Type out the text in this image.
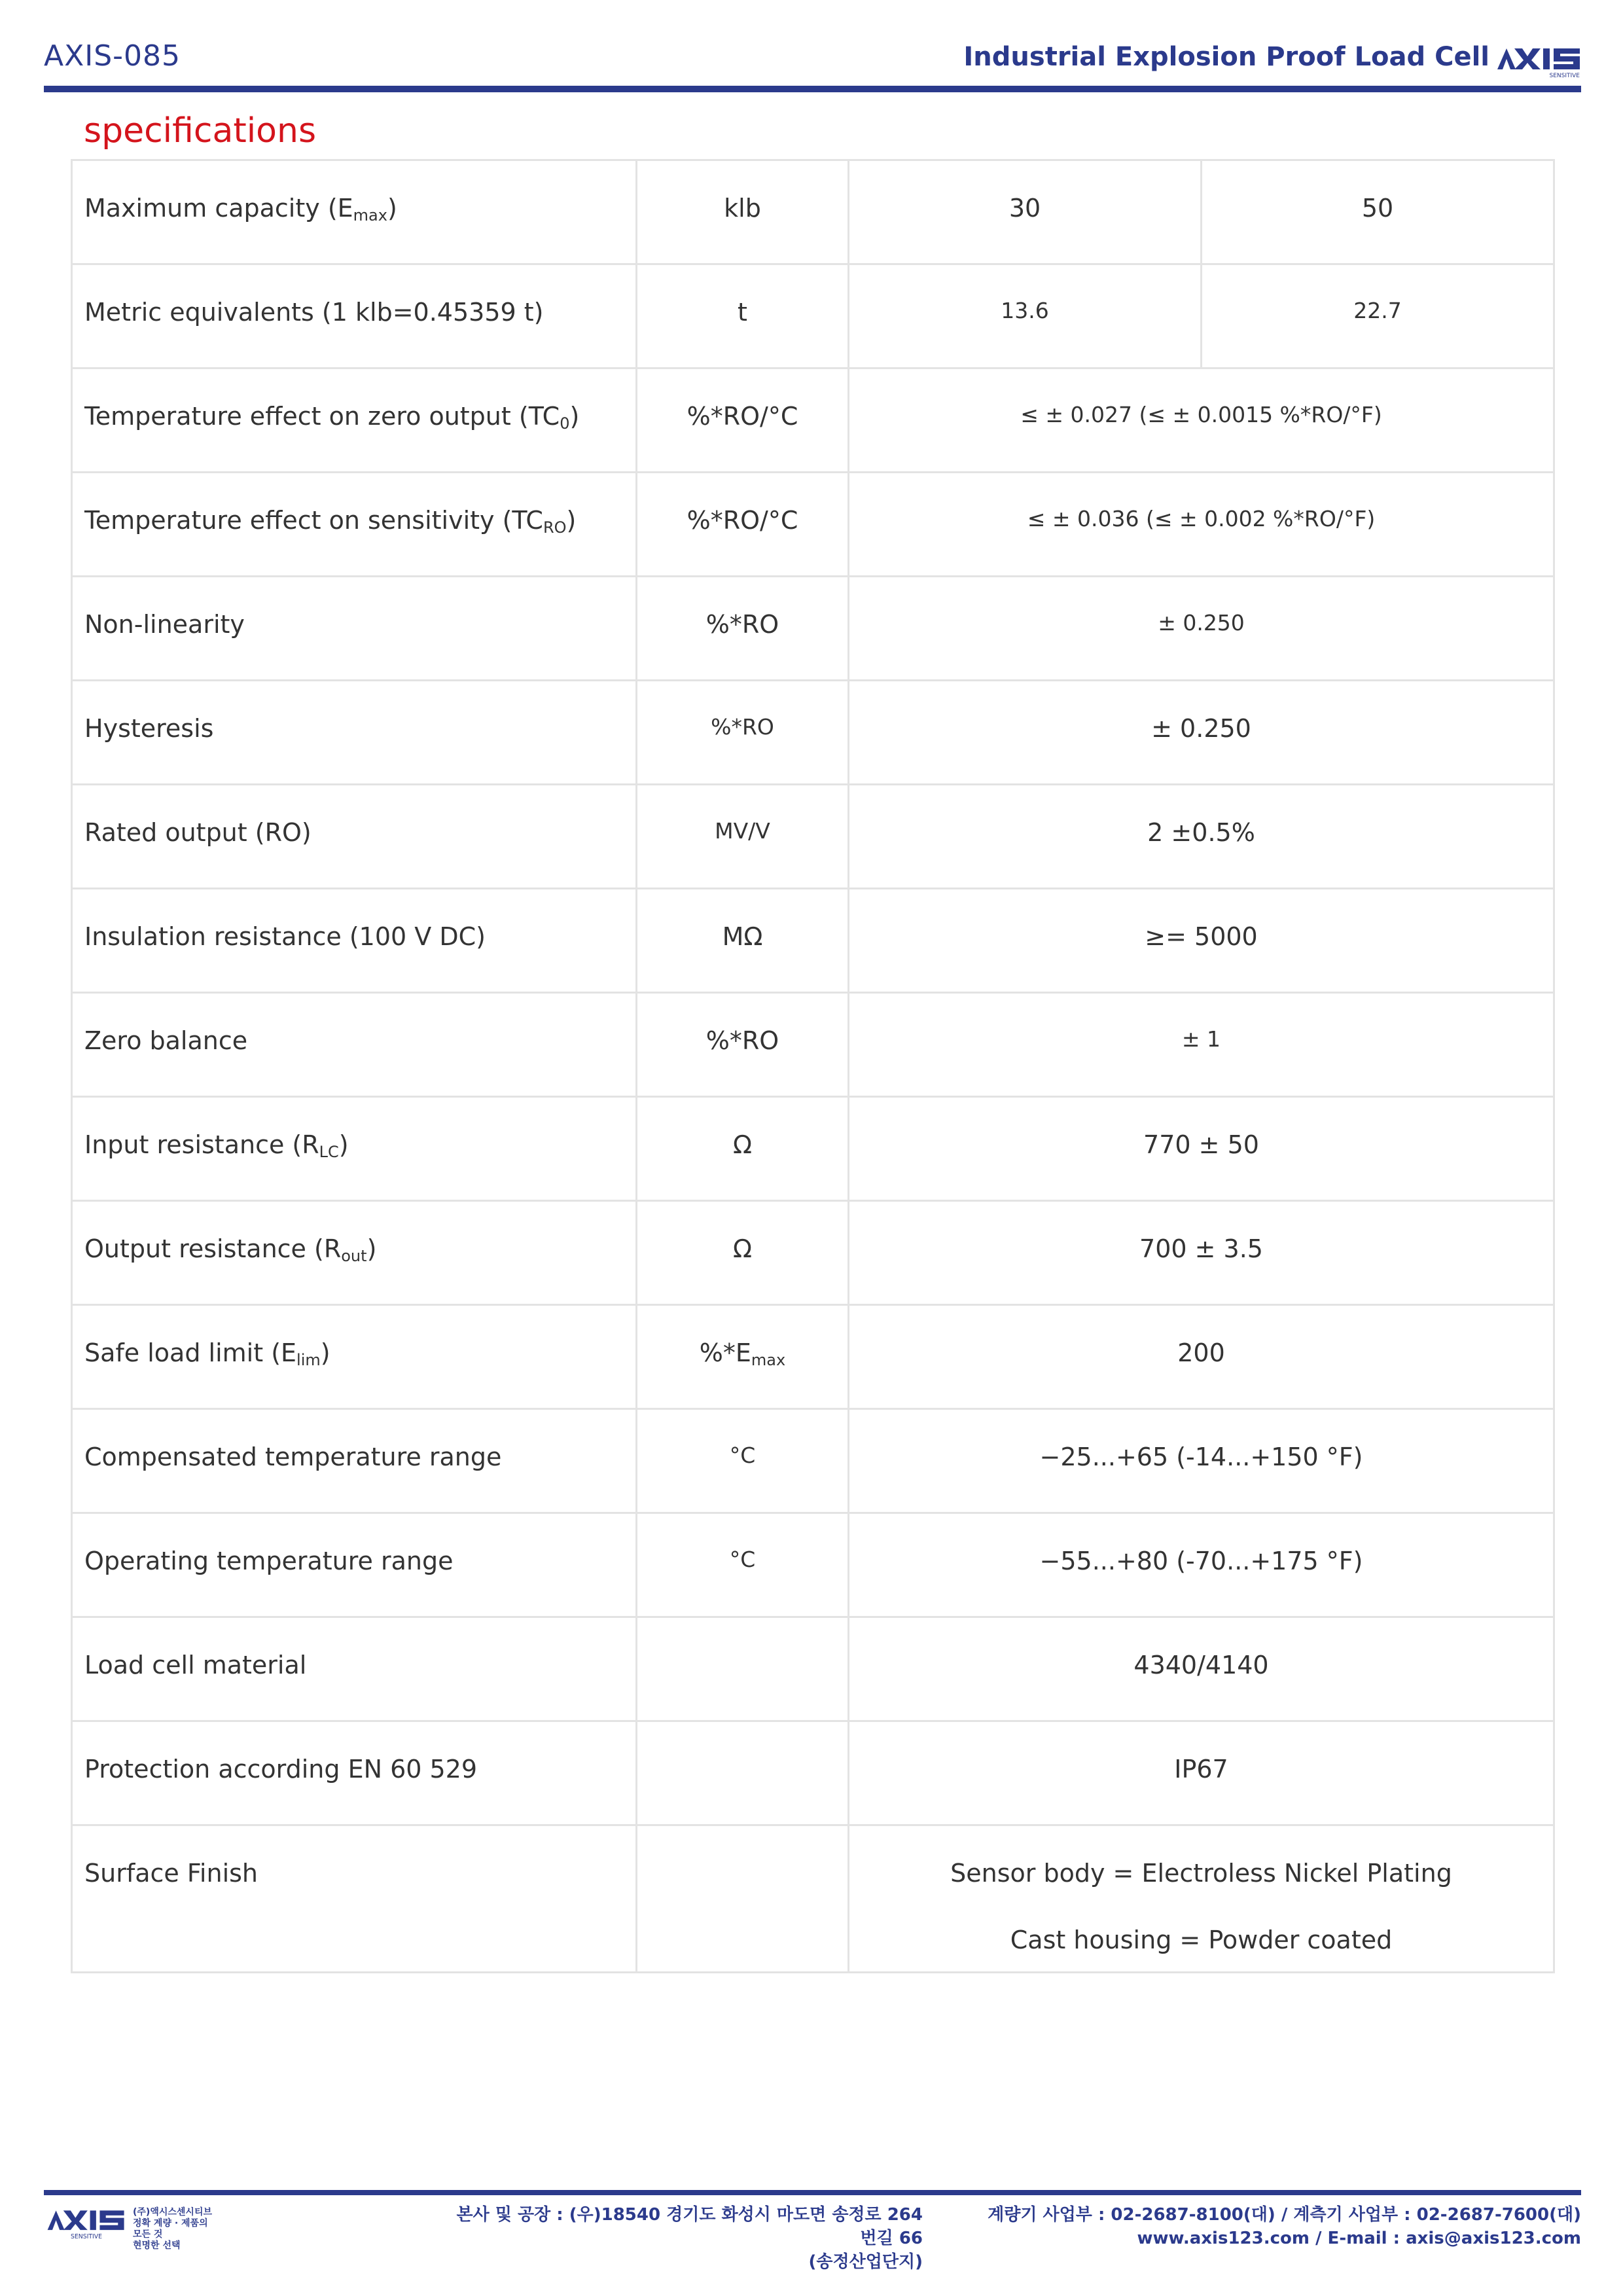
AXIS-085	Industrial Explosion Proof Load Cell
SENSITIVE
specifications
Maximum capacity $(E_{max})$	klb	30	50

Metric equivalents (1 klb=0.45359 t)	t	13.6	22.7

Temperature effect on zero output $(TC_0)$	%*RO/°C	≤ ± 0.027 (≤ ± 0.0015 %*RO/°F)	

Temperature effect on sensitivity $(TC_{RO})$	%*RO/°C	≤ ± 0.036 (≤ ± 0.002 %*RO/°F)	

Non-linearity	%*RO	± 0.250	

Hysteresis	%*RO	± 0.250	

Rated output (RO)	MV/V	2 ±0.5%	

Insulation resistance (100 V DC)	MΩ	≥= 5000	

Zero balance	%*RO	± 1	

Input resistance $(R_{LC})$	Ω	770 ± 50	

Output resistance $(R_{out})$	Ω	700 ± 3.5	

Safe load limit $(E_{lim})$	$\%*E_{max}$	200	

Compensated temperature range	°C	−25...+65 (-14...+150 °F)	

Operating temperature range	°C	−55...+80 (-70...+175 °F)	

Load cell material		4340/4140	

Protection according EN 60 529		IP67	

Surface Finish		Sensor body = Electroless Nickel Plating
Cast housing = Powder coated	
SENSITIVE
(주)액시스센시티브
정확 계량 · 제품의 모든 것
현명한 선택
본사 및 공장 : (우)18540 경기도 화성시 마도면 송정로 264번길 66
(송정산업단지)
계량기 사업부 : 02-2687-8100(대) / 계측기 사업부 : 02-2687-7600(대)
www.axis123.com / E-mail : axis@axis123.com
